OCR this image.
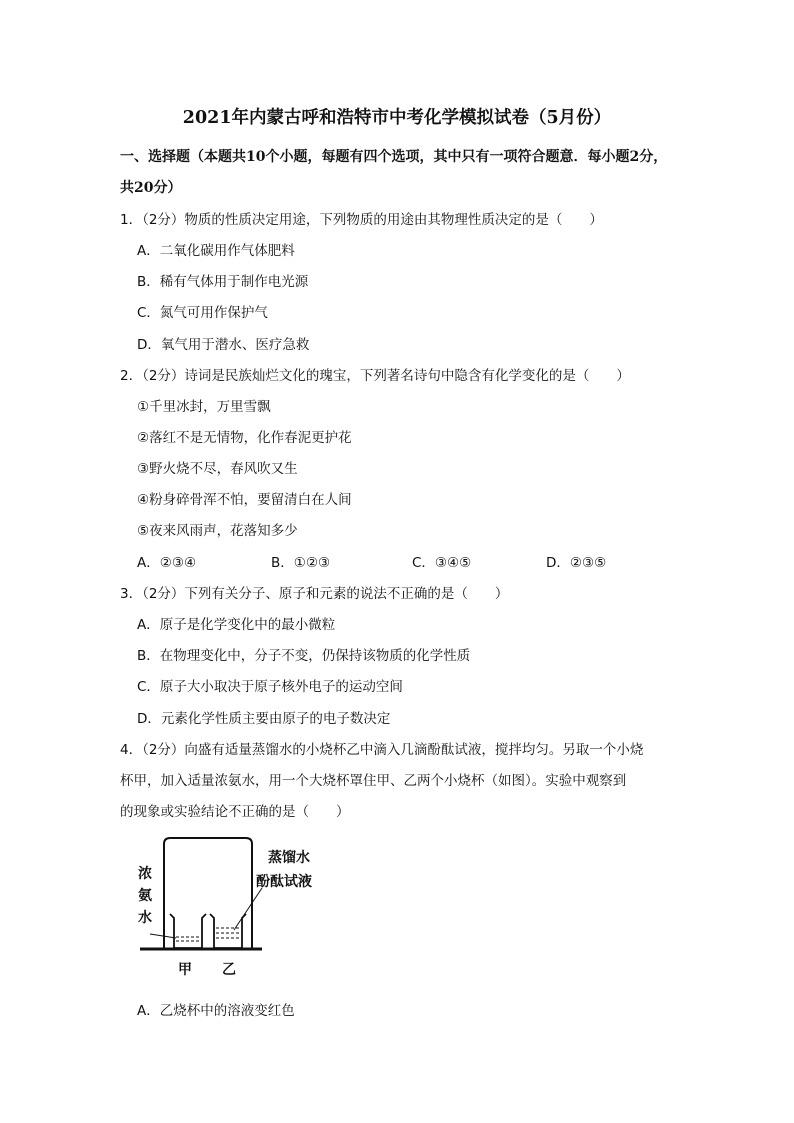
2021年内蒙古呼和浩特市中考化学模拟试卷（5月份）
一、选择题（本题共10个小题，每题有四个选项，其中只有一项符合题意．每小题2分，
共20分）
1．（2分）物质的性质决定用途，下列物质的用途由其物理性质决定的是（　　）
A．二氧化碳用作气体肥料
B．稀有气体用于制作电光源
C．氮气可用作保护气
D．氧气用于潜水、医疗急救
2．（2分）诗词是民族灿烂文化的瑰宝，下列著名诗句中隐含有化学变化的是（　　）
①千里冰封，万里雪飘
②落红不是无情物，化作春泥更护花
③野火烧不尽，春风吹又生
④粉身碎骨浑不怕，要留清白在人间
⑤夜来风雨声，花落知多少
A．②③④	B．①②③	C．③④⑤	D．②③⑤
3．（2分）下列有关分子、原子和元素的说法不正确的是（　　）
A．原子是化学变化中的最小微粒
B．在物理变化中，分子不变，仍保持该物质的化学性质
C．原子大小取决于原子核外电子的运动空间
D．元素化学性质主要由原子的电子数决定
4．（2分）向盛有适量蒸馏水的小烧杯乙中滴入几滴酚酞试液，搅拌均匀。另取一个小烧
杯甲，加入适量浓氨水，用一个大烧杯罩住甲、乙两个小烧杯（如图）。实验中观察到
的现象或实验结论不正确的是（　　）
浓
氨
水
蒸馏水
酚酞试液
甲 乙
A．乙烧杯中的溶液变红色
